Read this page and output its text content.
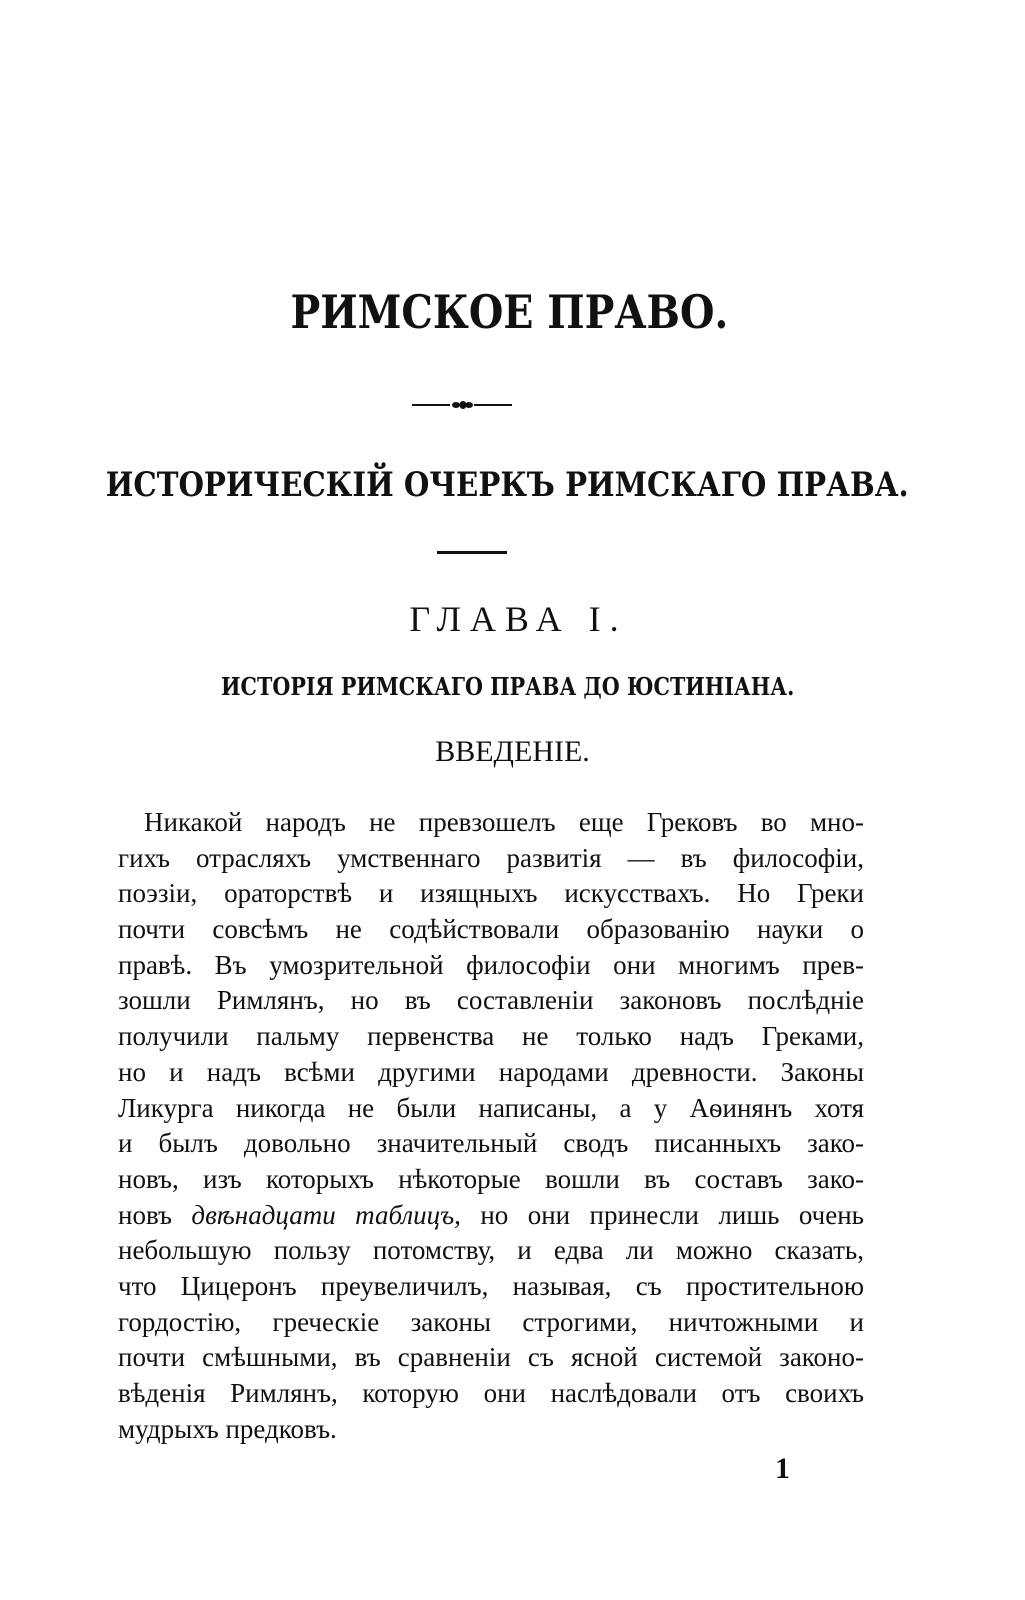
РИМСКОЕ ПРАВО.
ИСТОРИЧЕСКІЙ ОЧЕРКЪ РИМСКАГО ПРАВА.
ГЛАВА І.
ИСТОРІЯ РИМСКАГО ПРАВА ДО ЮСТИНІАНА.
ВВЕДЕНІЕ.
Никакой народъ не превзошелъ еще Грековъ во мно-
гихъ отрасляхъ умственнаго развитія — въ философіи,
поэзіи, ораторствѣ и изящныхъ искусствахъ. Но Греки
почти совсѣмъ не содѣйствовали образованію науки о
правѣ. Въ умозрительной философіи они многимъ прев-
зошли Римлянъ, но въ составленіи законовъ послѣдніе
получили пальму первенства не только надъ Греками,
но и надъ всѣми другими народами древности. Законы
Ликурга никогда не были написаны, а у Аѳинянъ хотя
и былъ довольно значительный сводъ писанныхъ зако-
новъ, изъ которыхъ нѣкоторые вошли въ составъ зако-
новъ двѣнадцати таблицъ, но они принесли лишь очень
небольшую пользу потомству, и едва ли можно сказать,
что Цицеронъ преувеличилъ, называя, съ простительною
гордостію, греческіе законы строгими, ничтожными и
почти смѣшными, въ сравненіи съ ясной системой законо-
вѣденія Римлянъ, которую они наслѣдовали отъ своихъ
мудрыхъ предковъ.
1
